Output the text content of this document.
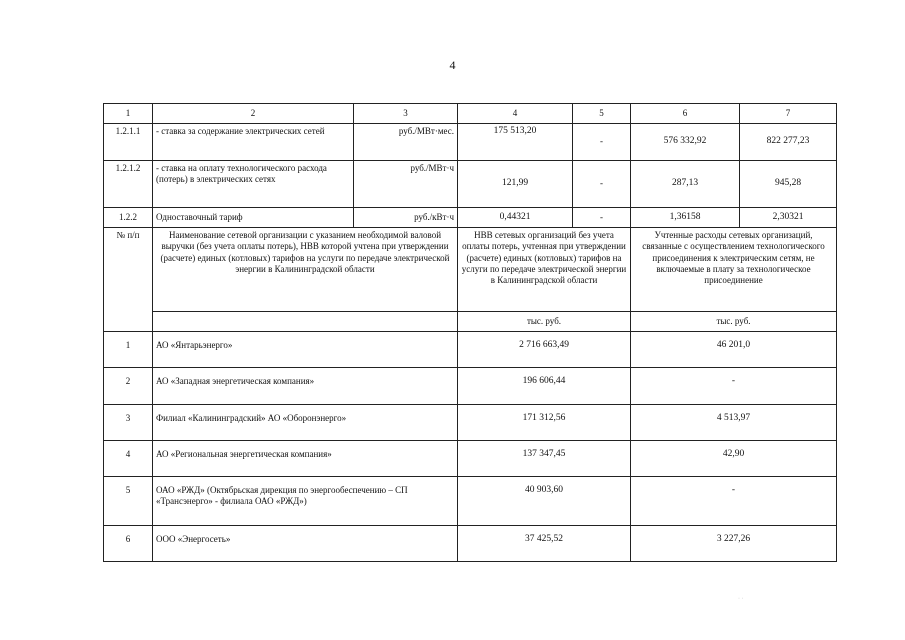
4
1	2	3	4	5	6	7
1.2.1.1	- ставка за содержание электрических сетей	руб./МВт·мес.	175 513,20	-	576 332,92	822 277,23
1.2.1.2	- ставка на оплату технологического расхода (потерь) в электрических сетях	руб./МВт·ч	121,99	-	287,13	945,28
1.2.2	Одноставочный тариф	руб./кВт·ч	0,44321	-	1,36158	2,30321
№ п/п	Наименование сетевой организации с указанием необходимой валовой выручки (без учета оплаты потерь), НВВ которой учтена при утверждении (расчете) единых (котловых) тарифов на услуги по передаче электрической энергии в Калининградской области		НВВ сетевых организаций без учета оплаты потерь, учтенная при утверждении (расчете) единых (котловых) тарифов на услуги по передаче электрической энергии в Калининградской области		Учтенные расходы сетевых организаций, связанные с осуществлением технологического присоединения к электрическим сетям, не включаемые в плату за технологическое присоединение	
			тыс. руб.		тыс. руб.	
1	АО «Янтарьэнерго»		2 716 663,49		46 201,0	
2	АО «Западная энергетическая компания»		196 606,44		-	
3	Филиал «Калининградский» АО «Оборонэнерго»		171 312,56		4 513,97	
4	АО «Региональная энергетическая компания»		137 347,45		42,90	
5	ОАО «РЖД» (Октябрьская дирекция по энергообеспечению – СП «Трансэнерго» - филиала ОАО «РЖД»)		40 903,60		-	
6	ООО «Энергосеть»		37 425,52		3 227,26	
· ·
